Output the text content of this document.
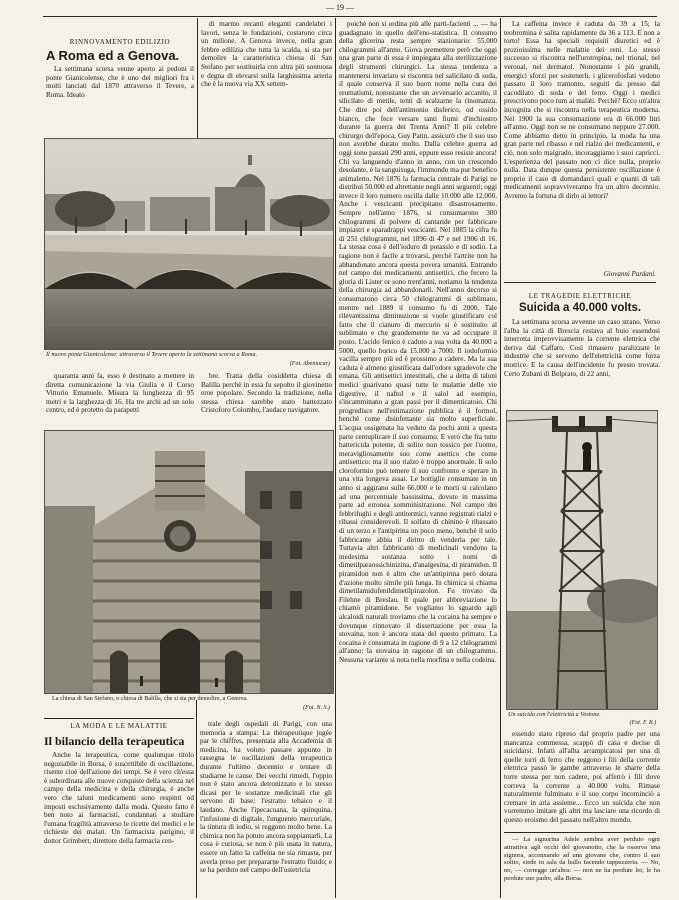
— 19 —
RINNOVAMENTO EDILIZIO
A Roma ed a Genova.

La settimana scorsa venne aperto ai pedoni il ponte Gianicolense, che è uno dei migliori fra i molti lanciati dal 1870 attraverso il Tevere, a Roma. Ideato

di marmo recanti eleganti candelabri i lavori, senza le fondazioni, costarono circa un milione. A Genova invece, nella gran febbre edilizia che tutta la scalda, si sta per demolire la caratteristica chiesa di San Stefano per sostituirla con altra più sontuosa e degna di elevarsi sulla larghissima arteria che è la nuova via XX settem-

Il nuovo ponte Gianicolense: attraverso il Tevere aperto la settimana scorsa a Roma.
(Fot. Abeniacar)

quaranta anni fa, esso è destinato a mettere in diretta comunicazione la via Giulia e il Corso Vittorio Emanuele. Misura la lunghezza di 95 metri e la larghezza di 16. Ha tre archi ad un solo centro, ed è protetto da parapetti

bre. Tratta della cosiddetta chiesa di Balilla perchè in essa fu sepolto il giovinetto eroe popolare. Secondo la tradizione, nella stessa chiesa sarebbe stato battezzato Cristoforo Colombo, l'audace navigatore.

La chiesa di San Stefano, o chiesa di Balilla, che si sta per demolire, a Genova.
(Fot. N. S.)

poichè non si ordina più alle parti-facienti ... — ha guadagnato in quello dell'eno-statistica. Il consumo della glicerina resta sempre stazionario: 55.000 chilogrammi all'anno. Giova premettere però che oggi una gran parte di essa è impiegata alla sterilizzazione degli strumenti chirurgici. La stessa tendenza a mantenersi invariato si riscontra nel salicilato di soda, il quale conserva il suo buon nome nella cura dei reumatismi, nonostante che un avversario accanito, il silicilato di metile, tenti di scalzarne la rinomanza. Che dire poi dell'antimonio disferico, od ossido bianco, che fece versare tanti fiumi d'inchiostro durante la guerra dei Trenta Anni? Il più celebre chirurgo dell'epoca, Guy Patin, assicurò che il suo uso non avrebbe durato molto. Dalla celebre guerra ad oggi sono passati 290 anni, eppure esso resiste ancora! Chi va languendo d'anno in anno, con un crescendo desolante, è la sanguisuga, l'immondo ma pur benefico animaletto. Nel 1876 la farmacia centrale di Parigi ne distribuì 50.000 ed altrettante negli anni seguenti; oggi invece il loro numero oscilla dalle 10.000 alle 12.000. Anche i vescicanti precipitano disastrosamente. Sempre nell'anno 1876, si consumarono 300 chilogrammi di polvere di cantaride per fabbricare impiastri e sparadrappi vescicanti. Nel 1885 la cifra fu di 251 chilogrammi, nel 1896 di 47 e nel 1906 di 16. La stessa cosa è dell'ioduro di potassio e di sodio. La ragione non è facile a trovarsi, perchè l'artrite non ha abbandonato ancora questa povera umanità. Entrando nel campo dei medicamenti antisettici, che fecero la gloria di Lister or sono trent'anni, notiamo la tendenza della chirurgia ad abbandonarli. Nell'anno decorso si consumarono circa 50 chilogrammi di sublimato, mentre nel 1889 il consumo fu di 2000. Tale rilevantissima diminuzione si vuole giustificare col fatto che il cianuro di mercurio si è sostituito al sublimato e che grandemente ne va ad occupare il posto. L'acido fenico è caduto a sua volta da 40.000 a 5000, quello borico da 15.000 a 7000. Il iodoformio vacilla sempre più ed è prossimo a cadere. Ma la sua caduta è almeno giustificata dall'odore sgradevole che emana. Gli antisettici intestinali, che a detta di taluni medici guarivano quasi tutte le malattie delle vie digestive, il naftol e il salol ad esempio, s'incamminano a gran passi per il dimenticatoio. Chi progredisce nell'estimazione pubblica è il formol, benchè come disinfettante sia molto superficiale. L'acqua ossigenata ha veduto da pochi anni a questa parte centuplicare il suo consumo. E vero che fra tutte battericida potente, di solito non tossico per l'uomo, meravigliosamente suo come asettico che come antisettico: ma il suo rialzo è troppo anormale. Il solo cloroformio può temere il suo confronto e sperare in una vita longeva assai. Le bottiglie consumate in un anno si aggirano sulle 66.000 e le morti si calcolano ad una percentuale bassissima, dovute in massima parte ad erronea somministrazione. Nel campo dei febbrifughi e degli antitermici, vanno registrati rialzi e ribassi considerevoli. Il solfato di chinino è ribassato di un terzo e l'antipirina un poco meno, benchè il solo fabbricante abbia il diritto di venderla per tale. Tuttavia altri fabbricanti di medicinali vendono la medesima sostanza sotto i nomi di dimetilparaossichinizina, d'analgesina, di piramidon. Il piramidon non è altro che un'antipirina però dotata d'azione molto simile più lunga. In chimica si chiama dimetilamidofenildimetilpirazolon. Fu trovato da Filehne di Breslau. Il quale per abbreviazione lo chiamò piramidone. Se vogliamo lo sguardo agli alcaloidi naturali troviamo che la cocaina ha sempre e dovunque rinnovato il dissertazione per essa la stovaina, non è ancora stata del questo primato. La cocaina è consumata in ragione di 9 a 12 chilogrammi all'anno; la stovaina in ragione di un chilogrammo. Nessuna variante si nota nella morfina e nella codeina.

La caffeina invece è caduta da 39 a 15; la teobromina è salita rapidamente da 36 a 113. E non a torto! Essa ha speciali requisiti diuretici ed è prozioissima nelle malattie dei reni. Lo stesso successo si riscontra nell'urotropina, nel trional, nel veronal, nel dermatol. Nonostante i più grandi, energici sforzi per sostenerli, i glicerofosfati vedono passato il loro tramonto, seguiti da presso dal cacodilato di soda e del ferro. Oggi i medici prescrivono poco rum ai malati. Perchè? Ecco un'altra incognita che si riscontra nella terapeutica moderna. Nel 1900 la sua consumazione era di 66.000 litri all'anno. Oggi non se ne consumano neppure 27.000. Come abbiamo detto in principio, la moda ha una gran parte nel ribasso e nel rialzo dei medicamenti, e ciò, non solo malgrado, incoraggiamo i suoi capricci. L'esperienza del passato non ci dice nulla, proprio nulla. Data dunque questa persistente oscillazione è proprio il caso di domandarci quali e quanti di tali medicamenti sopravviveranno fra un altro decennio. Avremo la fortuna di dirlo ai lettori?

Giovanni Pardani.
LE TRAGEDIE ELETTRICHE
Suicida a 40.000 volts.

La settimana scorsa avvenne un caso strano. Verso l'alba la città di Brescia restava al buio essendosi interrotta improvvisamente la corrente elettrica che deriva dal Caffaro. Così rimasero paralizzate le industrie che si servono dell'elettricità come forza motrice. E la causa dell'incidente fu presto trovata. Certo Zubani di Belprato, di 22 anni,

Un suicida con l'elettricità a Vestone.
(Fot. F. B.)

essendo stato ripreso dal proprio padre per una mancanza commessa, scappò di casa e decise di suicidarsi. Infatti all'alba arrampicatosi per una di quelle torri di ferro che reggono i fili della corrente elettrica passò le gambe attraverso le sbarre della torre stessa per non cadere, poi afferrò i fili dove correva la corrente a 40.000 volts. Rimase naturalmente fulminato e il suo corpo incominciò a cremare in aria assieme... Ecco un suicida che non vorremmo imitare gli altri ma lasciare una ricordo di questo eroismo del passato nell'altro mondo.

— La signorina Adele sembra aver perduto ogni attrattiva agli occhi del giovanotto, che la osserva una signora, accennando ad una giovane che, contro il suo solito, siede in sala da ballo facendo tappezzeria. — No, no, — corregge un'altra: — non ne ha perdute lei; le ha perdute suo padre, alla Borsa.

LA MODA E LE MALATTIE
Il bilancio della terapeutica

Anche la terapeutica, come qualunque titolo negoziabile in Borsa, è suscettibile di oscillazione, risente cioè dell'azione dei tempi. Se è vero ch'essa è subordinata alle nuove conquiste della scienza nel campo della medicina e della chirurgia, è anche vero che taluni medicamenti sono respinti od imposti esclusivamente dalla moda. Questo fatto è ben noto ai farmacisti, condannati a studiare l'umana fragilità attraverso le ricette dei medici e le richieste dei malati. Un farmacista parigino, il dottor Grimbert, direttore della farmacia cen-

trale degli ospedali di Parigi, con una memoria a stampa: La thérapeutique jugée par le chiffres, presentata alla Accademia di medicina, ha voluto passare appunto in rassegna le oscillazioni della terapeutica durante l'ultimo decennio e tentare di studiarne le cause. Dei vecchi rimedi, l'oppio non è stato ancora detronizzato e lo stesso dicasi per le sostanze medicinali che gli servono di base: l'estratto tebaico e il laudano. Anche l'ipecacuana, la quinquina, l'infusione di digitale, l'unguento mercuriale, la tintura di iodio, si reggono molto bene. La chimica non ha potuto ancora soppiantarli. La cosa è curiosa, se non è più usata in natura, essere un fatto la caffeina ne sia rimasta, per averla preso per prepararne l'estratto fluido; e se ha perduto nel campo dell'ostetricia
